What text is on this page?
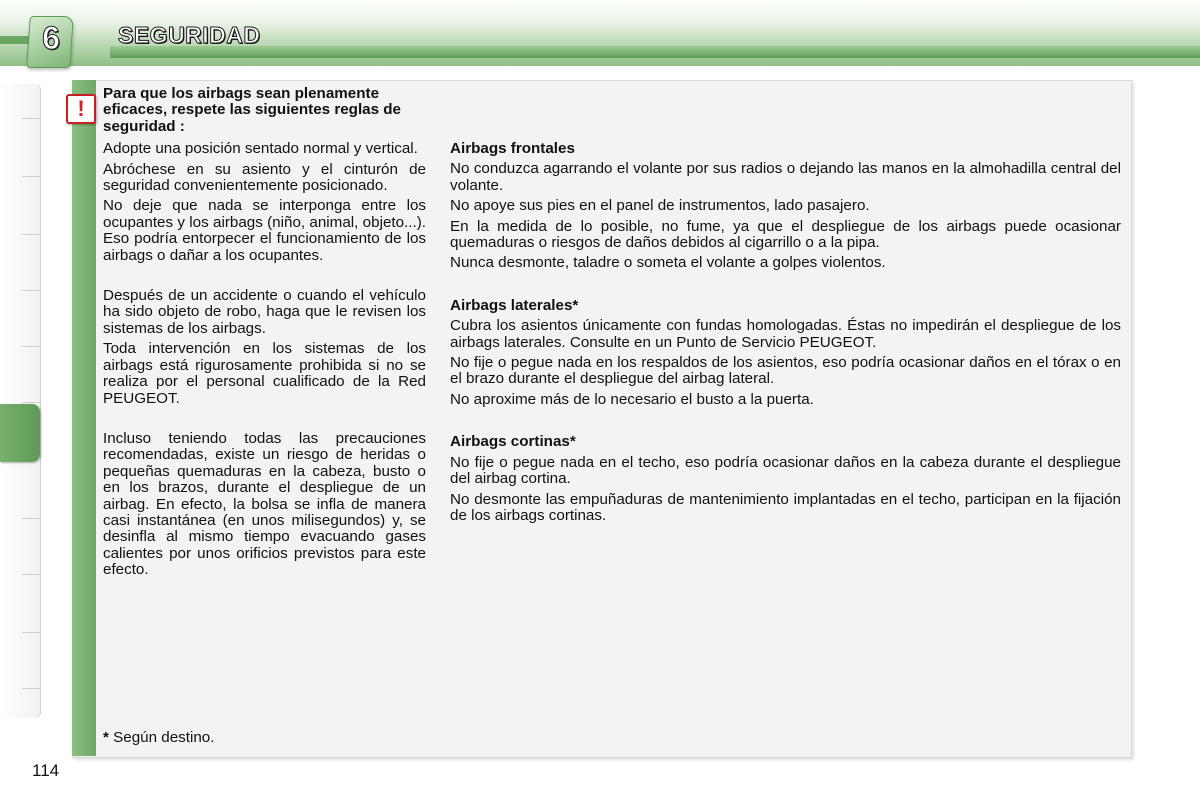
6	SEGURIDAD
!

Para que los airbags sean plenamente eficaces, respete las siguientes reglas de seguridad :

Adopte una posición sentado normal y vertical.

Abróchese en su asiento y el cinturón de seguridad convenientemente posicionado.

No deje que nada se interponga entre los ocupantes y los airbags (niño, animal, objeto...). Eso podría entorpecer el funcionamiento de los airbags o dañar a los ocupantes.

Después de un accidente o cuando el vehículo ha sido objeto de robo, haga que le revisen los sistemas de los airbags.

Toda intervención en los sistemas de los airbags está rigurosamente prohibida si no se realiza por el personal cualificado de la Red PEUGEOT.

Incluso teniendo todas las precauciones recomendadas, existe un riesgo de heridas o pequeñas quemaduras en la cabeza, busto o en los brazos, durante el despliegue de un airbag. En efecto, la bolsa se infla de manera casi instantánea (en unos milisegundos) y, se desinfla al mismo tiempo evacuando gases calientes por unos orificios previstos para este efecto.

Airbags frontales

No conduzca agarrando el volante por sus radios o dejando las manos en la almohadilla central del volante.

No apoye sus pies en el panel de instrumentos, lado pasajero.

En la medida de lo posible, no fume, ya que el despliegue de los airbags puede ocasionar quemaduras o riesgos de daños debidos al cigarrillo o a la pipa.

Nunca desmonte, taladre o someta el volante a golpes violentos.

Airbags laterales*

Cubra los asientos únicamente con fundas homologadas. Éstas no impedirán el despliegue de los airbags laterales. Consulte en un Punto de Servicio PEUGEOT.

No fije o pegue nada en los respaldos de los asientos, eso podría ocasionar daños en el tórax o en el brazo durante el despliegue del airbag lateral.

No aproxime más de lo necesario el busto a la puerta.

Airbags cortinas*

No fije o pegue nada en el techo, eso podría ocasionar daños en la cabeza durante el despliegue del airbag cortina.

No desmonte las empuñaduras de mantenimiento implantadas en el techo, participan en la fijación de los airbags cortinas.

* Según destino.
114
